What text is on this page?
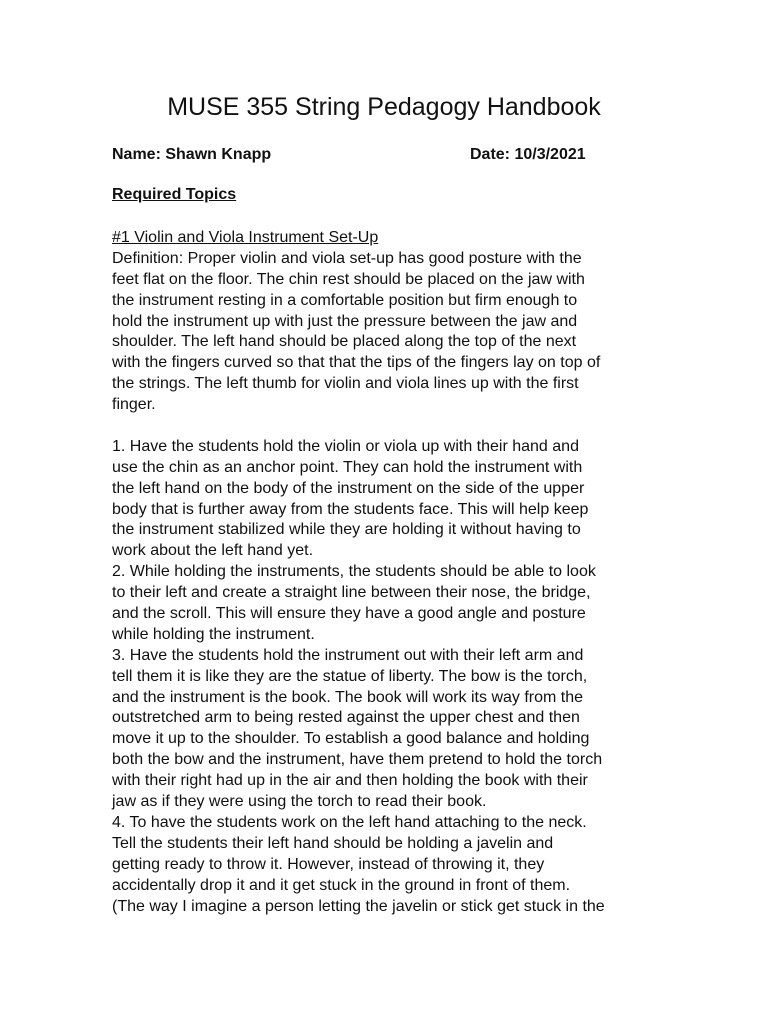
MUSE 355 String Pedagogy Handbook

Name: Shawn Knapp	Date: 10/3/2021

Required Topics

#1 Violin and Viola Instrument Set-Up
Definition: Proper violin and viola set-up has good posture with the
feet flat on the floor. The chin rest should be placed on the jaw with
the instrument resting in a comfortable position but firm enough to
hold the instrument up with just the pressure between the jaw and
shoulder. The left hand should be placed along the top of the next
with the fingers curved so that that the tips of the fingers lay on top of
the strings. The left thumb for violin and viola lines up with the first
finger.
1. Have the students hold the violin or viola up with their hand and
use the chin as an anchor point. They can hold the instrument with
the left hand on the body of the instrument on the side of the upper
body that is further away from the students face. This will help keep
the instrument stabilized while they are holding it without having to
work about the left hand yet.
2. While holding the instruments, the students should be able to look
to their left and create a straight line between their nose, the bridge,
and the scroll. This will ensure they have a good angle and posture
while holding the instrument.
3. Have the students hold the instrument out with their left arm and
tell them it is like they are the statue of liberty. The bow is the torch,
and the instrument is the book. The book will work its way from the
outstretched arm to being rested against the upper chest and then
move it up to the shoulder. To establish a good balance and holding
both the bow and the instrument, have them pretend to hold the torch
with their right had up in the air and then holding the book with their
jaw as if they were using the torch to read their book.
4. To have the students work on the left hand attaching to the neck.
Tell the students their left hand should be holding a javelin and
getting ready to throw it. However, instead of throwing it, they
accidentally drop it and it get stuck in the ground in front of them.
(The way I imagine a person letting the javelin or stick get stuck in the
